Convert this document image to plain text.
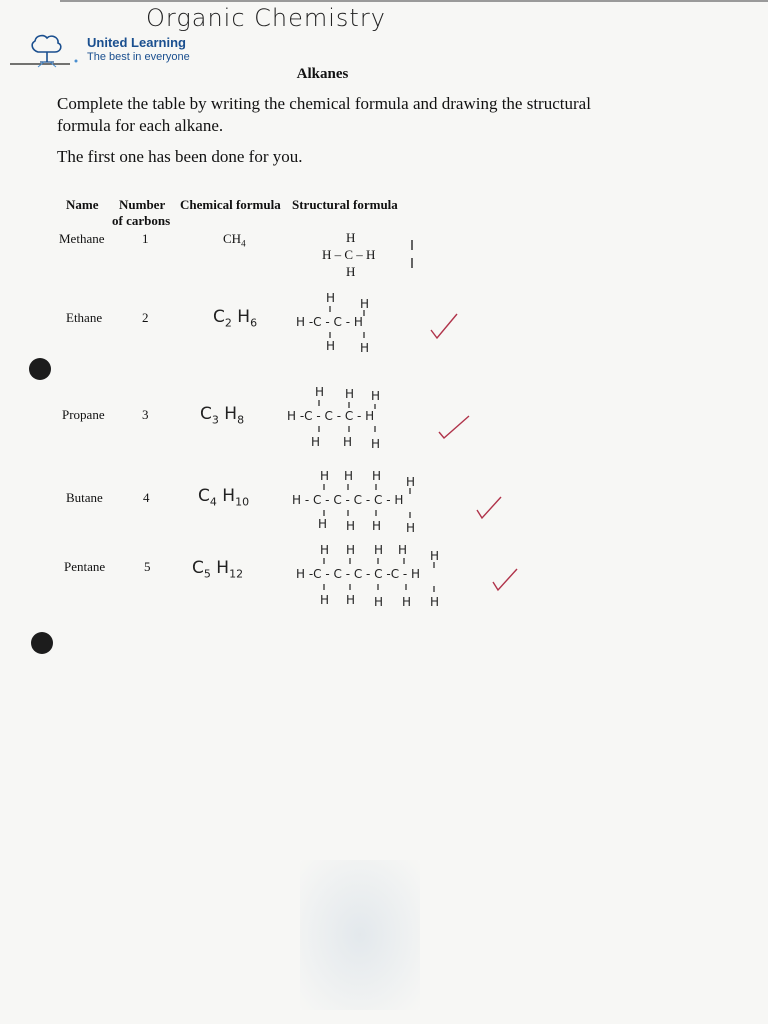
Organic Chemistry
United Learning
The best in everyone
Alkanes
Complete the table by writing the chemical formula and drawing the structural formula for each alkane.
The first one has been done for you.
Name Number
of carbons
Chemical formula Structural formula
Methane	1	$CH_4$	H
H – C – H
H
Ethane	2	$C_2$ $H_6$
H H
H -C - C - H
H H
Propane	3	$C_3$ $H_8$
H H H
H -C - C - C - H
H H H
Butane	4	$C_4$ $H_{10}$
H H H H
H - C - C - C - C - H
H H H H
Pentane	5 $C_5$ $H_{12}$
H H H H H
H -C - C - C - C -C - H
H H H H H
